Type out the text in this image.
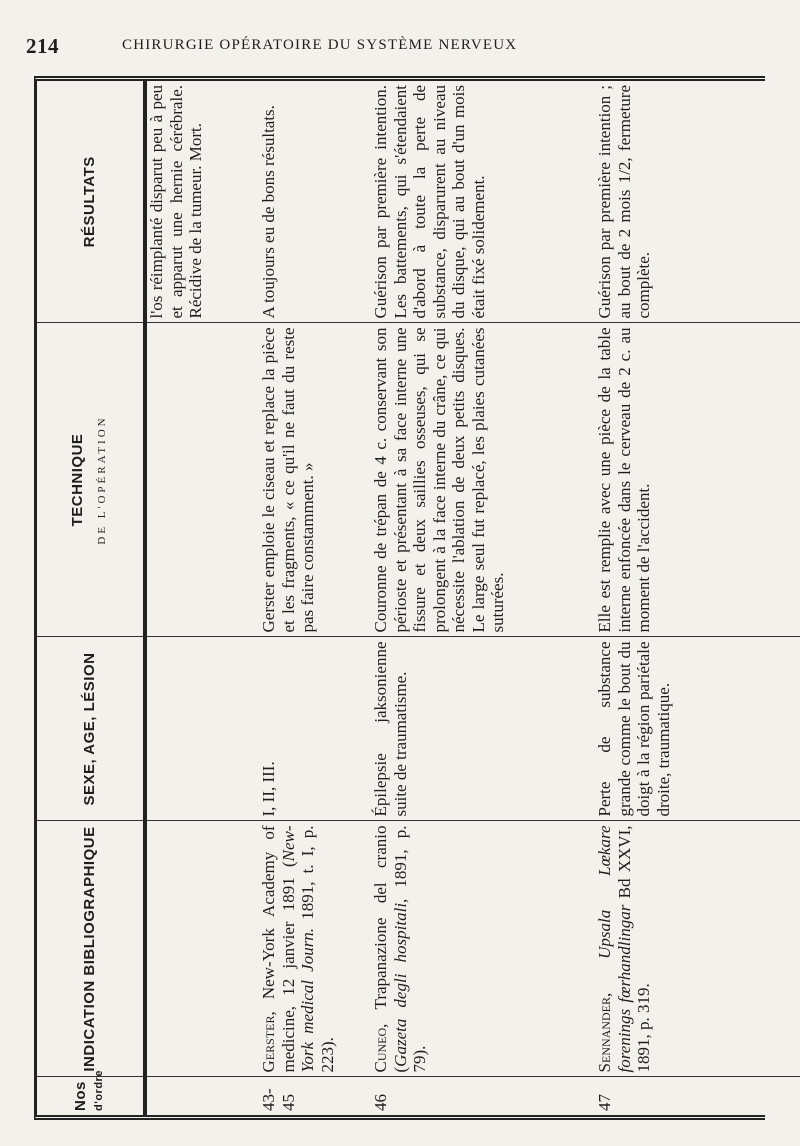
214	CHIRURGIE OPÉRATOIRE DU SYSTÈME NERVEUX
Nos d'ordre	INDICATION BIBLIOGRAPHIQUE	SEXE, AGE, LÉSION	TECHNIQUE DE L'OPÉRATION	RÉSULTATS
				l'os réimplanté disparut peu à peu et apparut une hernie cérébrale. Récidive de la tumeur. Mort.
43-45	Gerster, New-York Academy of medicine, 12 janvier 1891 (New-York medical Journ. 1891, t. I, p. 223).	I, II, III.	Gerster emploie le ciseau et replace la pièce et les fragments, « ce qu'il ne faut du reste pas faire constamment. »	A toujours eu de bons résultats.
46	Cuneo, Trapanazione del cranio (Gazeta degli hospitali, 1891, p. 79).	Épilepsie jaksonienne suite de traumatisme.	Couronne de trépan de 4 c. conservant son périoste et présentant à sa face interne une fissure et deux saillies osseuses, qui se prolongent à la face interne du crâne, ce qui nécessite l'ablation de deux petits disques. Le large seul fut replacé, les plaies cutanées suturées.	Guérison par première intention. Les battements, qui s'étendaient d'abord à toute la perte de substance, disparurent au niveau du disque, qui au bout d'un mois était fixé solidement.
47	Sennander, Upsala Lœkare forenings fœrhandlingar Bd XXVI, 1891, p. 319.	Perte de substance grande comme le bout du doigt à la région pariétale droite, traumatique.	Elle est remplie avec une pièce de la table interne enfoncée dans le cerveau de 2 c. au moment de l'accident.	Guérison par première intention ; au bout de 2 mois 1/2, fermeture complète.
